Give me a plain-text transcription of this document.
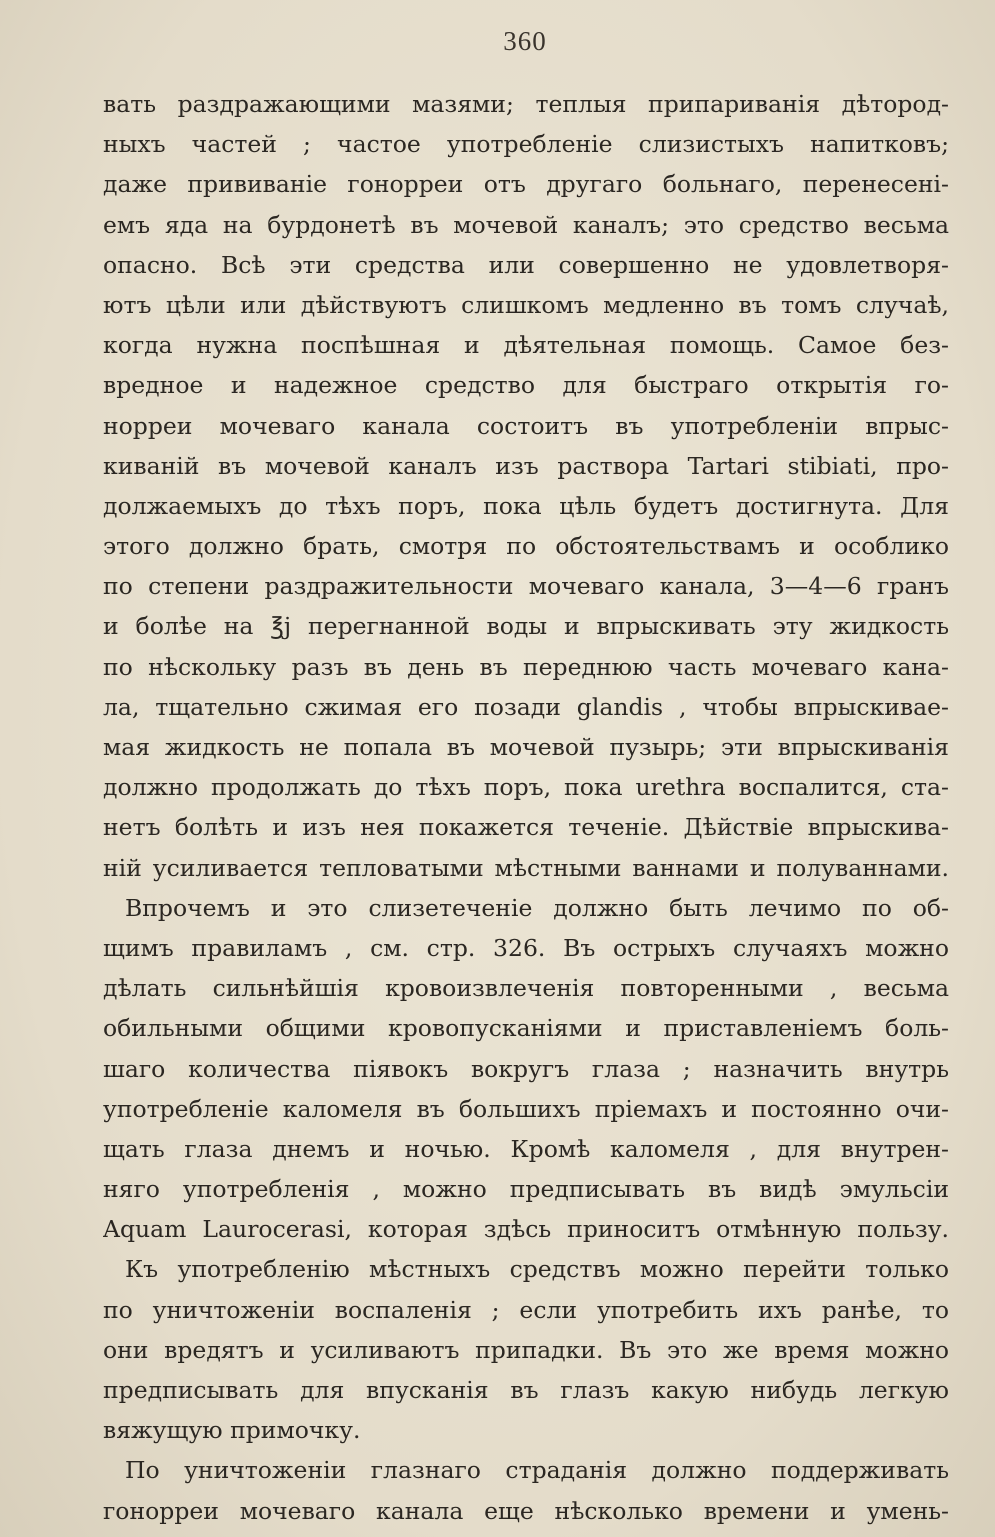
360
вать раздражающими мазями; теплыя припариванія дѣтород-
ныхъ частей ; частое употребленіе слизистыхъ напитковъ;
даже прививаніе гонорреи отъ другаго больнаго, перенесені-
емъ яда на бурдонетѣ въ мочевой каналъ; это средство весьма
опасно. Всѣ эти средства или совершенно не удовлетворя-
ютъ цѣли или дѣйствуютъ слишкомъ медленно въ томъ случаѣ,
когда нужна поспѣшная и дѣятельная помощь. Самое без-
вредное и надежное средство для быстраго открытія го-
норреи мочеваго канала состоитъ въ употребленіи впрыс-
киванiй въ мочевой каналъ изъ раствора Tartari stibiati, про-
должаемыхъ до тѣхъ поръ, пока цѣль будетъ достигнута. Для
этого должно брать, смотря по обстоятельствамъ и особлико
по степени раздражительности мочеваго канала, 3—4—6 гранъ
и болѣе на ℥j перегнанной воды и впрыскивать эту жидкость
по нѣскольку разъ въ день въ переднюю часть мочеваго кана-
ла, тщательно сжимая его позади glandis , чтобы впрыскивае-
мая жидкость не попала въ мочевой пузырь; эти впрыскиванія
должно продолжать до тѣхъ поръ, пока urethra воспалится, ста-
нетъ болѣть и изъ нея покажется теченіе. Дѣйствіе впрыскива-
ній усиливается тепловатыми мѣстными ваннами и полуваннами.
Впрочемъ и это слизетеченіе должно быть лечимо по об-
щимъ правиламъ , см. стр. 326. Въ острыхъ случаяхъ можно
дѣлать сильнѣйшія кровоизвлеченія повторенными , весьма
обильными общими кровопусканіями и приставленіемъ боль-
шаго количества піявокъ вокругъ глаза ; назначить внутрь
употребленіе каломеля въ большихъ пріемахъ и постоянно очи-
щать глаза днемъ и ночью. Кромѣ каломеля , для внутрен-
няго употребленія , можно предписывать въ видѣ эмульсіи
Aquam Laurocerasi, которая здѣсь приноситъ отмѣнную пользу.
Къ употребленію мѣстныхъ средствъ можно перейти только
по уничтоженіи воспаленія ; если употребить ихъ ранѣе, то
они вредятъ и усиливаютъ припадки. Въ это же время можно
предписывать для впусканія въ глазъ какую нибудь легкую
вяжущую примочку.
По уничтоженіи глазнаго страданія должно поддерживать
гонорреи мочеваго канала еще нѣсколько времени и умень-
